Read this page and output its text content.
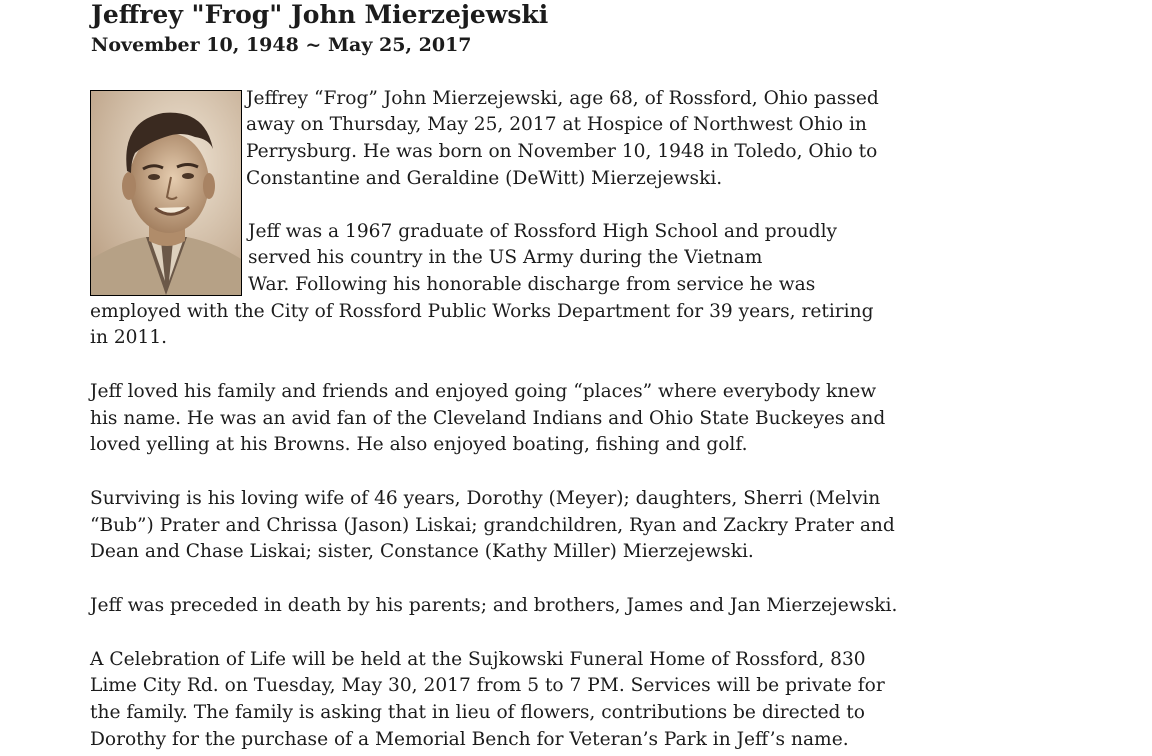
Jeffrey "Frog" John Mierzejewski
November 10, 1948 ~ May 25, 2017

Jeffrey “Frog” John Mierzejewski, age 68, of Rossford, Ohio passed

away on Thursday, May 25, 2017 at Hospice of Northwest Ohio in

Perrysburg. He was born on November 10, 1948 in Toledo, Ohio to

Constantine and Geraldine (DeWitt) Mierzejewski.

Jeff was a 1967 graduate of Rossford High School and proudly

served his country in the US Army during the Vietnam

War. Following his honorable discharge from service he was

employed with the City of Rossford Public Works Department for 39 years, retiring

in 2011.

Jeff loved his family and friends and enjoyed going “places” where everybody knew

his name. He was an avid fan of the Cleveland Indians and Ohio State Buckeyes and

loved yelling at his Browns. He also enjoyed boating, fishing and golf.

Surviving is his loving wife of 46 years, Dorothy (Meyer); daughters, Sherri (Melvin

“Bub”) Prater and Chrissa (Jason) Liskai; grandchildren, Ryan and Zackry Prater and

Dean and Chase Liskai; sister, Constance (Kathy Miller) Mierzejewski.

Jeff was preceded in death by his parents; and brothers, James and Jan Mierzejewski.

A Celebration of Life will be held at the Sujkowski Funeral Home of Rossford, 830

Lime City Rd. on Tuesday, May 30, 2017 from 5 to 7 PM. Services will be private for

the family. The family is asking that in lieu of flowers, contributions be directed to

Dorothy for the purchase of a Memorial Bench for Veteran’s Park in Jeff’s name.
